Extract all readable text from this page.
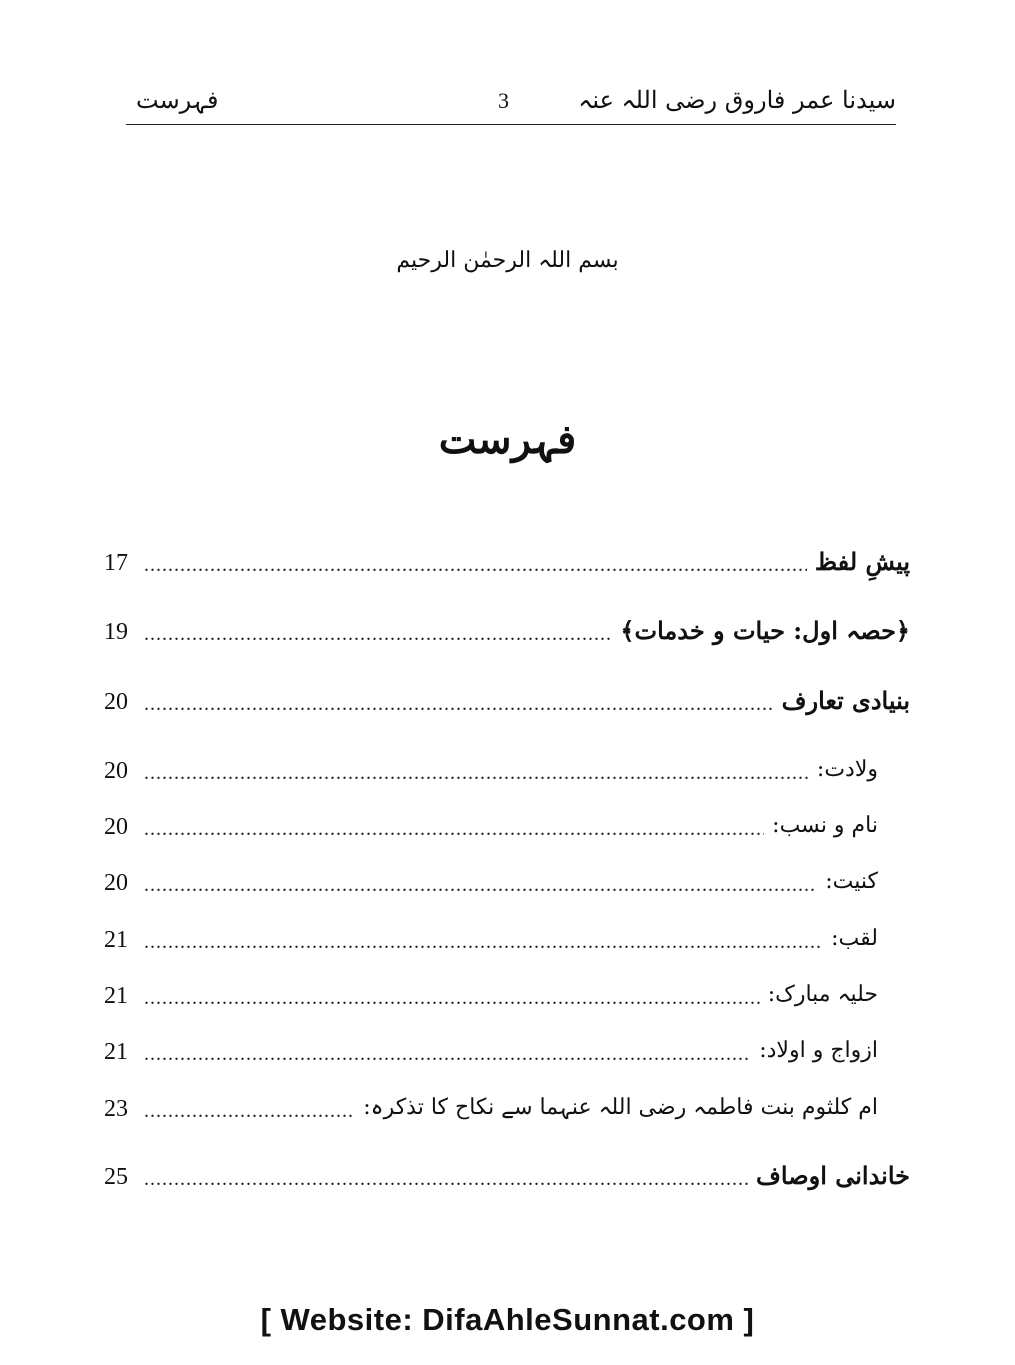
سیدنا عمر فاروق رضی اللہ عنہ
3
فہرست
بسم اللہ الرحمٰن الرحیم
فہرست
پیشِ لفظ
.....
17
﴿حصہ اول: حیات و خدمات﴾
.....
19
بنیادی تعارف
.....
20
ولادت:
.....
20
نام و نسب:
.....
20
کنیت:
.....
20
لقب:
.....
21
حلیہ مبارک:
.....
21
ازواج و اولاد:
.....
21
ام کلثوم بنت فاطمہ رضی اللہ عنہما سے نکاح کا تذکرہ:
.....
23
خاندانی اوصاف
.....
25
[ Website: DifaAhleSunnat.com ]
